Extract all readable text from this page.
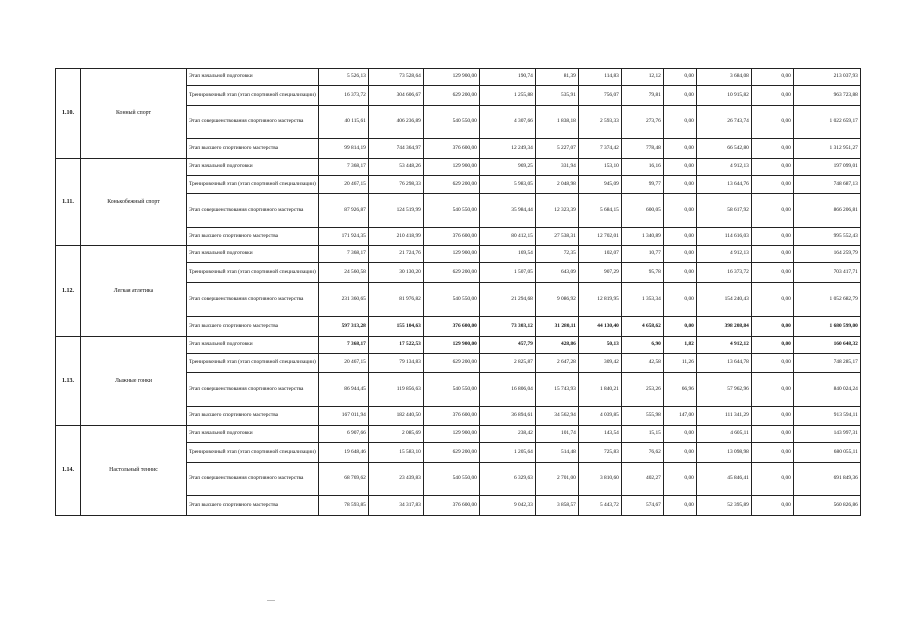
1.10.	Конный спорт	Этап начальной подготовки	5 526,13	73 528,64	129 900,00	190,74	81,39	114,83	12,12	0,00	3 684,08	0,00	213 037,93
		Тренировочный этап (этап спортивной специализации)	16 373,72	304 606,67	629 200,00	1 255,88	535,91	756,07	79,81	0,00	10 915,82	0,00	963 723,88
		Этап совершенствования спортивного мастерства	40 115,61	406 236,89	540 550,00	4 307,66	1 838,18	2 593,33	273,76	0,00	26 743,74	0,00	1 022 659,17
		Этап высшего спортивного мастерства	99 814,19	744 364,97	376 600,00	12 249,34	5 227,07	7 374,42	778,48	0,00	66 542,80	0,00	1 312 951,27
1.11.	Конькобежный спорт	Этап начальной подготовки	7 368,17	53 448,26	129 900,00	969,25	331,94	153,10	16,16	0,00	4 912,13	0,00	197 099,01
		Тренировочный этап (этап спортивной специализации)	20 467,15	76 298,33	629 200,00	5 983,05	2 048,98	945,09	99,77	0,00	13 644,76	0,00	748 687,13
		Этап совершенствования спортивного мастерства	87 926,87	124 519,99	540 550,00	35 984,44	12 323,39	5 684,15	600,05	0,00	58 617,92	0,00	866 206,81
		Этап высшего спортивного мастерства	171 924,35	210 418,99	376 600,00	80 412,15	27 538,31	12 702,01	1 340,89	0,00	114 616,03	0,00	995 552,43
1.12.	Легкая атлетика	Этап начальной подготовки	7 368,17	21 724,76	129 900,00	169,54	72,35	102,07	10,77	0,00	4 912,13	0,00	164 259,79
		Тренировочный этап (этап спортивной специализации)	24 560,58	30 130,20	629 200,00	1 507,05	643,09	907,29	95,78	0,00	16 373,72	0,00	703 417,71
		Этап совершенствования спортивного мастерства	231 360,65	81 976,82	540 550,00	21 294,68	9 086,92	12 819,95	1 353,34	0,00	154 240,43	0,00	1 052 682,79
		Этап высшего спортивного мастерства	597 313,28	155 104,63	376 600,00	73 303,12	31 280,11	44 130,40	4 658,62	0,00	398 208,84	0,00	1 680 599,00
1.13.	Лыжные гонки	Этап начальной подготовки	7 368,17	17 522,53	129 900,00	457,79	428,86	50,13	6,90	1,82	4 912,12	0,00	160 648,32
		Тренировочный этап (этап спортивной специализации)	20 467,15	79 134,83	629 200,00	2 825,87	2 647,28	309,42	42,58	11,26	13 644,78	0,00	748 285,17
		Этап совершенствования спортивного мастерства	86 944,45	119 856,63	540 550,00	16 806,04	15 743,93	1 840,21	253,26	66,96	57 962,96	0,00	840 024,24
		Этап высшего спортивного мастерства	167 011,94	182 440,50	376 600,00	36 894,61	34 562,94	4 039,85	555,98	147,00	111 341,29	0,00	913 594,11
1.14.	Настольный теннис	Этап начальной подготовки	6 907,66	2 085,69	129 900,00	238,42	101,74	143,54	15,15	0,00	4 605,11	0,00	143 997,31
		Тренировочный этап (этап спортивной специализации)	19 648,46	15 583,10	629 200,00	1 205,64	514,48	725,83	76,62	0,00	13 098,98	0,00	680 055,11
		Этап совершенствования спортивного мастерства	68 769,62	23 439,83	540 550,00	6 329,63	2 701,00	3 810,60	402,27	0,00	45 846,41	0,00	691 849,36
		Этап высшего спортивного мастерства	78 593,85	34 317,83	376 600,00	9 042,33	3 858,57	5 443,72	574,67	0,00	52 395,89	0,00	560 826,86
